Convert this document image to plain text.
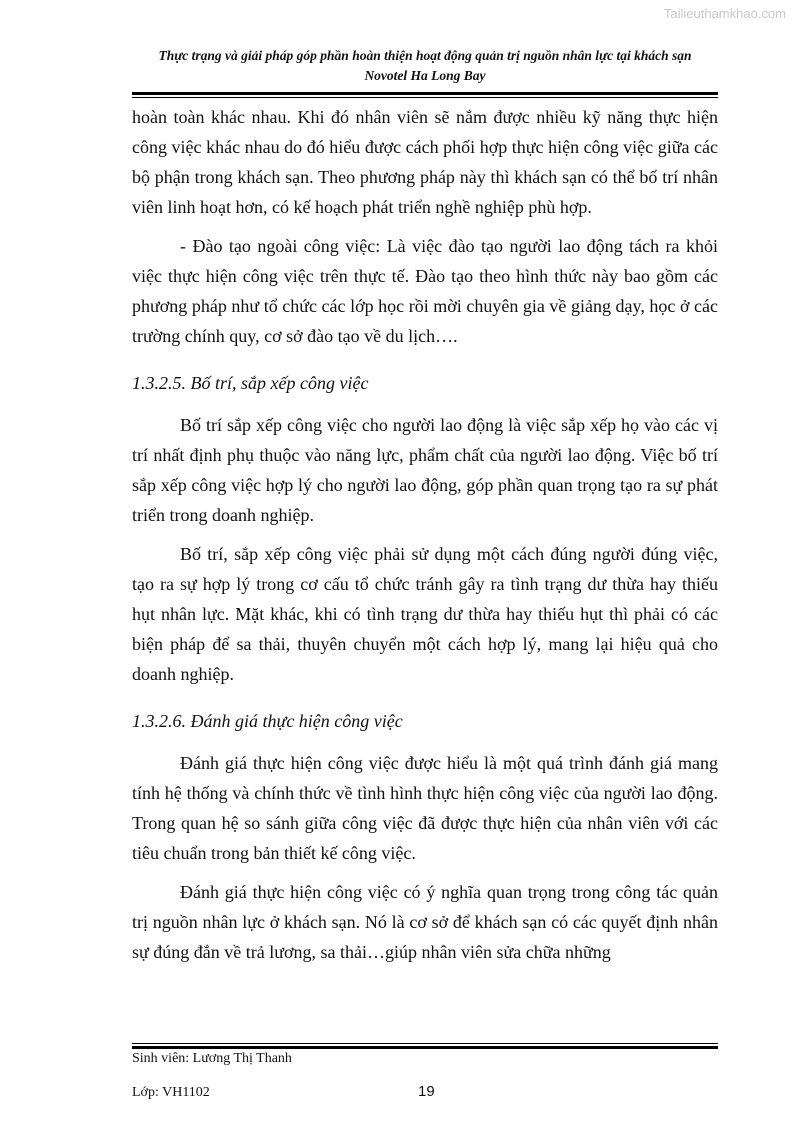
Tailieuthamkhao.com
Thực trạng và giải pháp góp phần hoàn thiện hoạt động quản trị nguồn nhân lực tại khách sạn
Novotel Ha Long Bay

hoàn toàn khác nhau. Khi đó nhân viên sẽ nắm được nhiều kỹ năng thực hiện công việc khác nhau do đó hiểu được cách phối hợp thực hiện công việc giữa các bộ phận trong khách sạn. Theo phương pháp này thì khách sạn có thể bố trí nhân viên linh hoạt hơn, có kế hoạch phát triển nghề nghiệp phù hợp.

- Đào tạo ngoài công việc: Là việc đào tạo người lao động tách ra khỏi việc thực hiện công việc trên thực tế. Đào tạo theo hình thức này bao gồm các phương pháp như tổ chức các lớp học rồi mời chuyên gia về giảng dạy, học ở các trường chính quy, cơ sở đào tạo về du lịch….

1.3.2.5. Bố trí, sắp xếp công việc

Bố trí sắp xếp công việc cho người lao động là việc sắp xếp họ vào các vị trí nhất định phụ thuộc vào năng lực, phẩm chất của người lao động. Việc bố trí sắp xếp công việc hợp lý cho người lao động, góp phần quan trọng tạo ra sự phát triển trong doanh nghiệp.

Bố trí, sắp xếp công việc phải sử dụng một cách đúng người đúng việc, tạo ra sự hợp lý trong cơ cấu tổ chức tránh gây ra tình trạng dư thừa hay thiếu hụt nhân lực. Mặt khác, khi có tình trạng dư thừa hay thiếu hụt thì phải có các biện pháp để sa thải, thuyên chuyển một cách hợp lý, mang lại hiệu quả cho doanh nghiệp.

1.3.2.6. Đánh giá thực hiện công việc

Đánh giá thực hiện công việc được hiểu là một quá trình đánh giá mang tính hệ thống và chính thức về tình hình thực hiện công việc của người lao động. Trong quan hệ so sánh giữa công việc đã được thực hiện của nhân viên với các tiêu chuẩn trong bản thiết kế công việc.

Đánh giá thực hiện công việc có ý nghĩa quan trọng trong công tác quản trị nguồn nhân lực ở khách sạn. Nó là cơ sở để khách sạn có các quyết định nhân sự đúng đắn về trả lương, sa thải…giúp nhân viên sửa chữa những

Sinh viên: Lương Thị Thanh
Lớp: VH1102	19
